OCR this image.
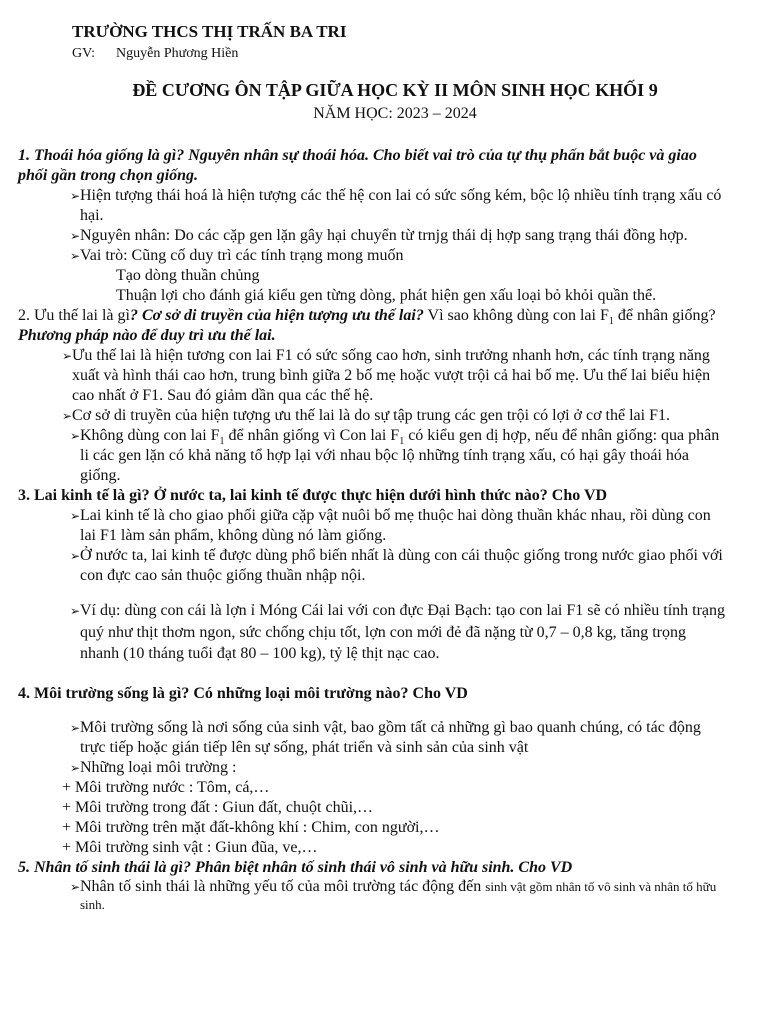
TRƯỜNG THCS THỊ TRẤN BA TRI
GV: Nguyễn Phương Hiền
ĐỀ CƯƠNG ÔN TẬP GIỮA HỌC KỲ II MÔN SINH HỌC KHỐI 9
NĂM HỌC: 2023 – 2024

1. Thoái hóa giống là gì? Nguyên nhân sự thoái hóa. Cho biết vai trò của tự thụ phấn bắt buộc và giao phối gần trong chọn giống.

➢Hiện tượng thái hoá là hiện tượng các thế hệ con lai có sức sống kém, bộc lộ nhiều tính trạng xấu có hại.

➢Nguyên nhân: Do các cặp gen lặn gây hại chuyển từ trnjg thái dị hợp sang trạng thái đồng hợp.

➢Vai trò: Cũng cố duy trì các tính trạng mong muốn

Tạo dòng thuần chủng

Thuận lợi cho đánh giá kiểu gen từng dòng, phát hiện gen xấu loại bỏ khỏi quần thể.

2. Ưu thế lai là gì? Cơ sở di truyền của hiện tượng ưu thế lai? Vì sao không dùng con lai $F_1$ để nhân giống? Phương pháp nào để duy trì ưu thế lai.

➢Ưu thế lai là hiện tương con lai F1 có sức sống cao hơn, sinh trưởng nhanh hơn, các tính trạng năng xuất và hình thái cao hơn, trung bình giữa 2 bố mẹ hoặc vượt trội cả hai bố mẹ. Ưu thế lai biểu hiện cao nhất ở F1. Sau đó giảm dần qua các thế hệ.

➢Cơ sở di truyền của hiện tượng ưu thế lai là do sự tập trung các gen trội có lợi ở cơ thể lai F1.

➢Không dùng con lai $F_1$ để nhân giống vì Con lai $F_1$ có kiểu gen dị hợp, nếu để nhân giống: qua phân li các gen lặn có khả năng tổ hợp lại với nhau bộc lộ những tính trạng xấu, có hại gây thoái hóa giống.

3. Lai kinh tế là gì? Ở nước ta, lai kinh tế được thực hiện dưới hình thức nào? Cho VD

➢Lai kinh tế là cho giao phối giữa cặp vật nuôi bố mẹ thuộc hai dòng thuần khác nhau, rồi dùng con lai F1 làm sản phẩm, không dùng nó làm giống.

➢Ở nước ta, lai kinh tế được dùng phổ biến nhất là dùng con cái thuộc giống trong nước giao phối với con đực cao sản thuộc giống thuần nhập nội.

➢Ví dụ: dùng con cái là lợn ỉ Móng Cái lai với con đực Đại Bạch: tạo con lai F1 sẽ có nhiều tính trạng quý như thịt thơm ngon, sức chống chịu tốt, lợn con mới đẻ đã nặng từ 0,7 – 0,8 kg, tăng trọng nhanh (10 tháng tuổi đạt 80 – 100 kg), tỷ lệ thịt nạc cao.

4. Môi trường sống là gì? Có những loại môi trường nào? Cho VD

➢Môi trường sống là nơi sống của sinh vật, bao gồm tất cả những gì bao quanh chúng, có tác động trực tiếp hoặc gián tiếp lên sự sống, phát triển và sinh sản của sinh vật

➢Những loại môi trường :

+ Môi trường nước : Tôm, cá,…

+ Môi trường trong đất : Giun đất, chuột chũi,…

+ Môi trường trên mặt đất-không khí : Chim, con người,…

+ Môi trường sinh vật : Giun đũa, ve,…

5. Nhân tố sinh thái là gì? Phân biệt nhân tố sinh thái vô sinh và hữu sinh. Cho VD

➢Nhân tố sinh thái là những yếu tố của môi trường tác động đến sinh vật gồm nhân tố vô sinh và nhân tố hữu sinh.
